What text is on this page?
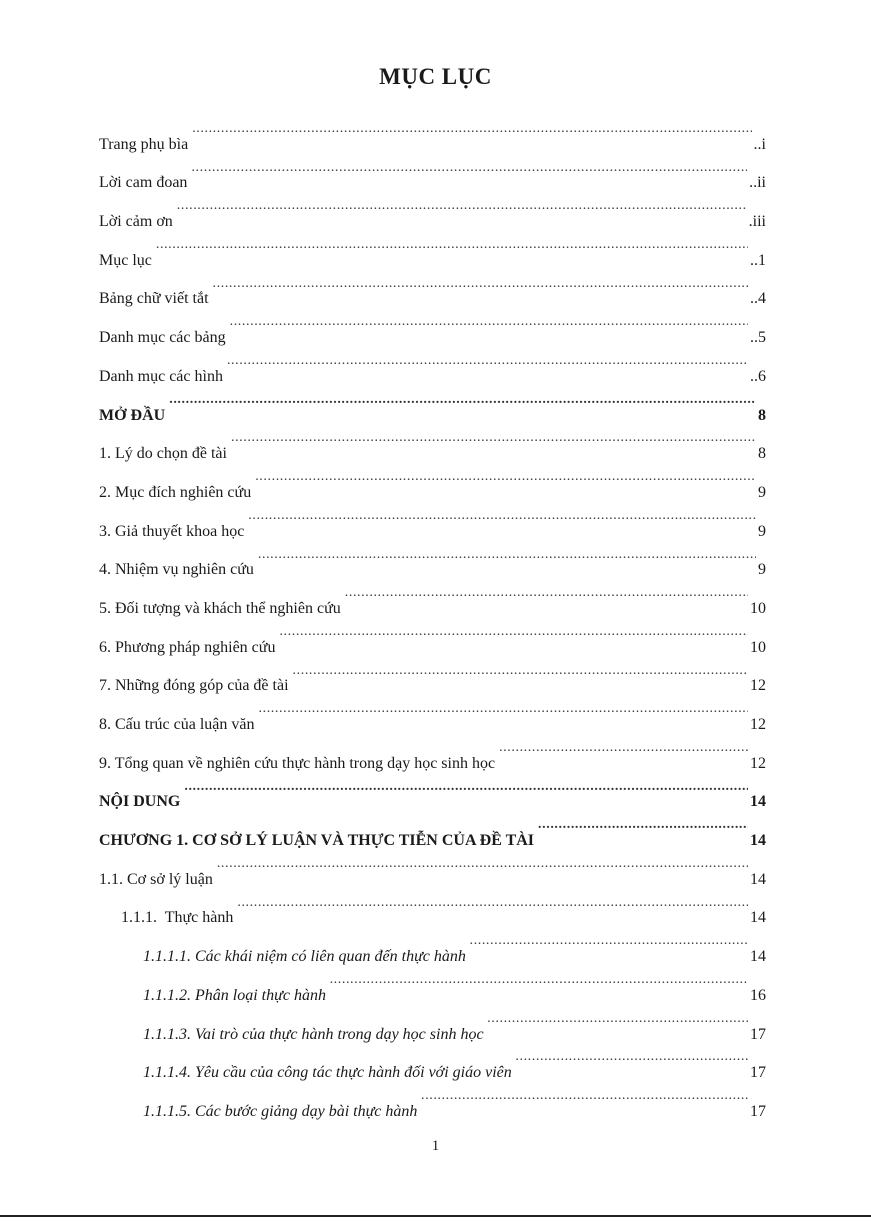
MỤC LỤC
Trang phụ bìa .....	..i
Lời cam đoan .....	..ii
Lời cảm ơn .....	.iii
Mục lục .....	..1
Bảng chữ viết tắt .....	..4
Danh mục các bảng .....	..5
Danh mục các hình .....	..6
MỞ ĐẦU .....	8
1. Lý do chọn đề tài .....	8
2. Mục đích nghiên cứu .....	9
3. Giả thuyết khoa học .....	9
4. Nhiệm vụ nghiên cứu .....	9
5. Đối tượng và khách thể nghiên cứu .....	10
6. Phương pháp nghiên cứu .....	10
7. Những đóng góp của đề tài .....	12
8. Cấu trúc của luận văn .....	12
9. Tổng quan về nghiên cứu thực hành trong dạy học sinh học .....	12
NỘI DUNG .....	14
CHƯƠNG 1. CƠ SỞ LÝ LUẬN VÀ THỰC TIỄN CỦA ĐỀ TÀI .....	14
1.1. Cơ sở lý luận .....	14
1.1.1.  Thực hành .....	14
1.1.1.1. Các khái niệm có liên quan đến thực hành .....	14
1.1.1.2. Phân loại thực hành .....	16
1.1.1.3. Vai trò của thực hành trong dạy học sinh học .....	17
1.1.1.4. Yêu cầu của công tác thực hành đối với giáo viên .....	17
1.1.1.5. Các bước giảng dạy bài thực hành .....	17
1
